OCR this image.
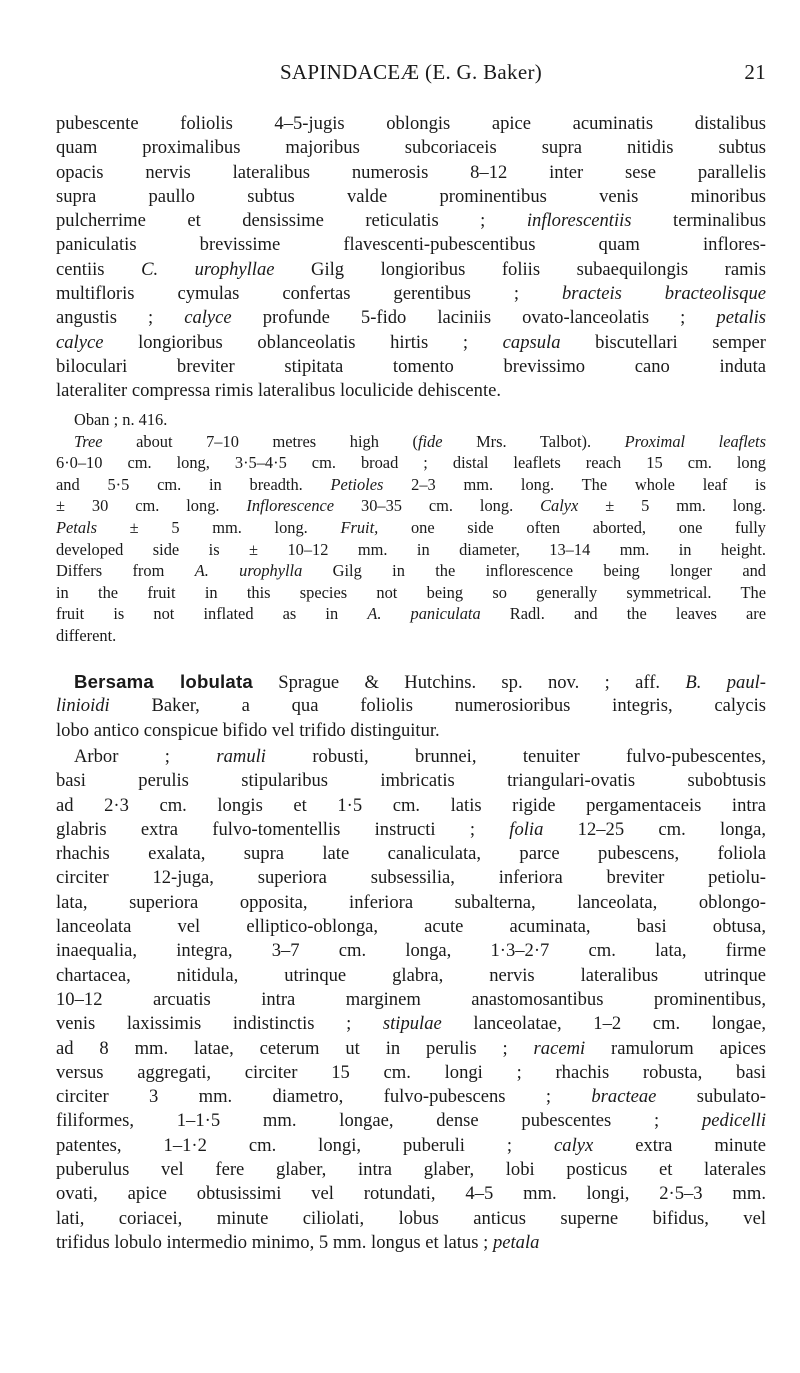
SAPINDACEÆ (E. G. Baker)	21
pubescente foliolis 4–5-jugis oblongis apice acuminatis distalibus
quam proximalibus majoribus subcoriaceis supra nitidis subtus
opacis nervis lateralibus numerosis 8–12 inter sese parallelis
supra paullo subtus valde prominentibus venis minoribus
pulcherrime et densissime reticulatis ; inflorescentiis terminalibus
paniculatis brevissime flavescenti-pubescentibus quam inflores-
centiis C. urophyllae Gilg longioribus foliis subaequilongis ramis
multifloris cymulas confertas gerentibus ; bracteis bracteolisque
angustis ; calyce profunde 5-fido laciniis ovato-lanceolatis ; petalis
calyce longioribus oblanceolatis hirtis ; capsula biscutellari semper
biloculari breviter stipitata tomento brevissimo cano induta
lateraliter compressa rimis lateralibus loculicide dehiscente.
Oban ; n. 416.
Tree about 7–10 metres high (fide Mrs. Talbot). Proximal leaflets
6·0–10 cm. long, 3·5–4·5 cm. broad ; distal leaflets reach 15 cm. long
and 5·5 cm. in breadth. Petioles 2–3 mm. long. The whole leaf is
± 30 cm. long. Inflorescence 30–35 cm. long. Calyx ± 5 mm. long.
Petals ± 5 mm. long. Fruit, one side often aborted, one fully
developed side is ± 10–12 mm. in diameter, 13–14 mm. in height.
Differs from A. urophylla Gilg in the inflorescence being longer and
in the fruit in this species not being so generally symmetrical. The
fruit is not inflated as in A. paniculata Radl. and the leaves are
different.
Bersama lobulata Sprague & Hutchins. sp. nov. ; aff. B. paul-
linioidi Baker, a qua foliolis numerosioribus integris, calycis
lobo antico conspicue bifido vel trifido distinguitur.
Arbor ; ramuli robusti, brunnei, tenuiter fulvo-pubescentes,
basi perulis stipularibus imbricatis triangulari-ovatis subobtusis
ad 2·3 cm. longis et 1·5 cm. latis rigide pergamentaceis intra
glabris extra fulvo-tomentellis instructi ; folia 12–25 cm. longa,
rhachis exalata, supra late canaliculata, parce pubescens, foliola
circiter 12-juga, superiora subsessilia, inferiora breviter petiolu-
lata, superiora opposita, inferiora subalterna, lanceolata, oblongo-
lanceolata vel elliptico-oblonga, acute acuminata, basi obtusa,
inaequalia, integra, 3–7 cm. longa, 1·3–2·7 cm. lata, firme
chartacea, nitidula, utrinque glabra, nervis lateralibus utrinque
10–12 arcuatis intra marginem anastomosantibus prominentibus,
venis laxissimis indistinctis ; stipulae lanceolatae, 1–2 cm. longae,
ad 8 mm. latae, ceterum ut in perulis ; racemi ramulorum apices
versus aggregati, circiter 15 cm. longi ; rhachis robusta, basi
circiter 3 mm. diametro, fulvo-pubescens ; bracteae subulato-
filiformes, 1–1·5 mm. longae, dense pubescentes ; pedicelli
patentes, 1–1·2 cm. longi, puberuli ; calyx extra minute
puberulus vel fere glaber, intra glaber, lobi posticus et laterales
ovati, apice obtusissimi vel rotundati, 4–5 mm. longi, 2·5–3 mm.
lati, coriacei, minute ciliolati, lobus anticus superne bifidus, vel
trifidus lobulo intermedio minimo, 5 mm. longus et latus ; petala
